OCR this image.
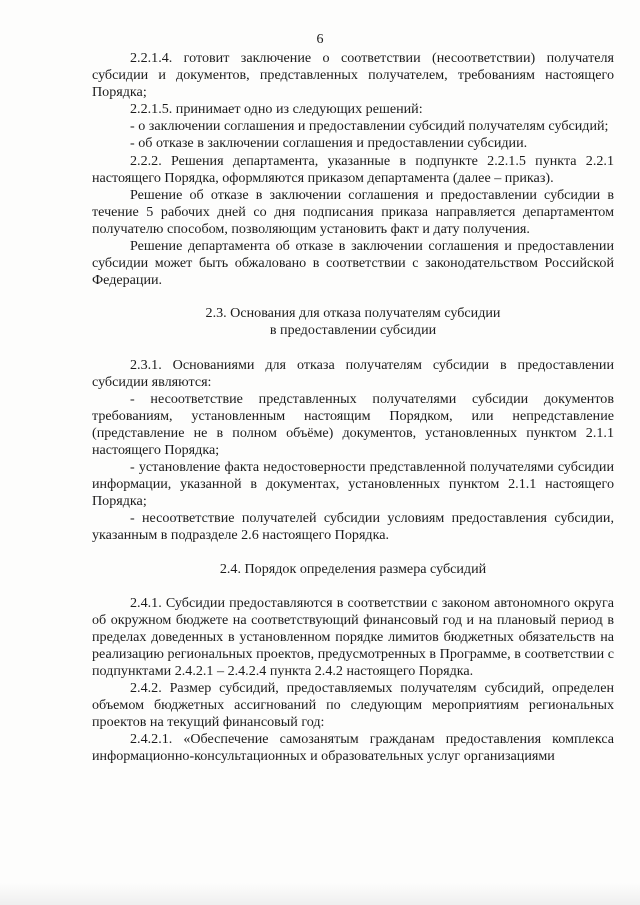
6

2.2.1.4. готовит заключение о соответствии (несоответствии) получателя субсидии и документов, представленных получателем, требованиям настоящего Порядка;

2.2.1.5. принимает одно из следующих решений:

- о заключении соглашения и предоставлении субсидий получателям субсидий;

- об отказе в заключении соглашения и предоставлении субсидии.

2.2.2. Решения департамента, указанные в подпункте 2.2.1.5 пункта 2.2.1 настоящего Порядка, оформляются приказом департамента (далее – приказ).

Решение об отказе в заключении соглашения и предоставлении субсидии в течение 5 рабочих дней со дня подписания приказа направляется департаментом получателю способом, позволяющим установить факт и дату получения.

Решение департамента об отказе в заключении соглашения и предоставлении субсидии может быть обжаловано в соответствии с законодательством Российской Федерации.

2.3. Основания для отказа получателям субсидии

в предоставлении субсидии

2.3.1. Основаниями для отказа получателям субсидии в предоставлении субсидии являются:

- несоответствие представленных получателями субсидии документов требованиям, установленным настоящим Порядком, или непредставление (представление не в полном объёме) документов, установленных пунктом 2.1.1 настоящего Порядка;

- установление факта недостоверности представленной получателями субсидии информации, указанной в документах, установленных пунктом 2.1.1 настоящего Порядка;

- несоответствие получателей субсидии условиям предоставления субсидии, указанным в подразделе 2.6 настоящего Порядка.

2.4. Порядок определения размера субсидий

2.4.1. Субсидии предоставляются в соответствии с законом автономного округа об окружном бюджете на соответствующий финансовый год и на плановый период в пределах доведенных в установленном порядке лимитов бюджетных обязательств на реализацию региональных проектов, предусмотренных в Программе, в соответствии с подпунктами 2.4.2.1 – 2.4.2.4 пункта 2.4.2 настоящего Порядка.

2.4.2. Размер субсидий, предоставляемых получателям субсидий, определен объемом бюджетных ассигнований по следующим мероприятиям региональных проектов на текущий финансовый год:

2.4.2.1. «Обеспечение самозанятым гражданам предоставления комплекса информационно-консультационных и образовательных услуг организациями
